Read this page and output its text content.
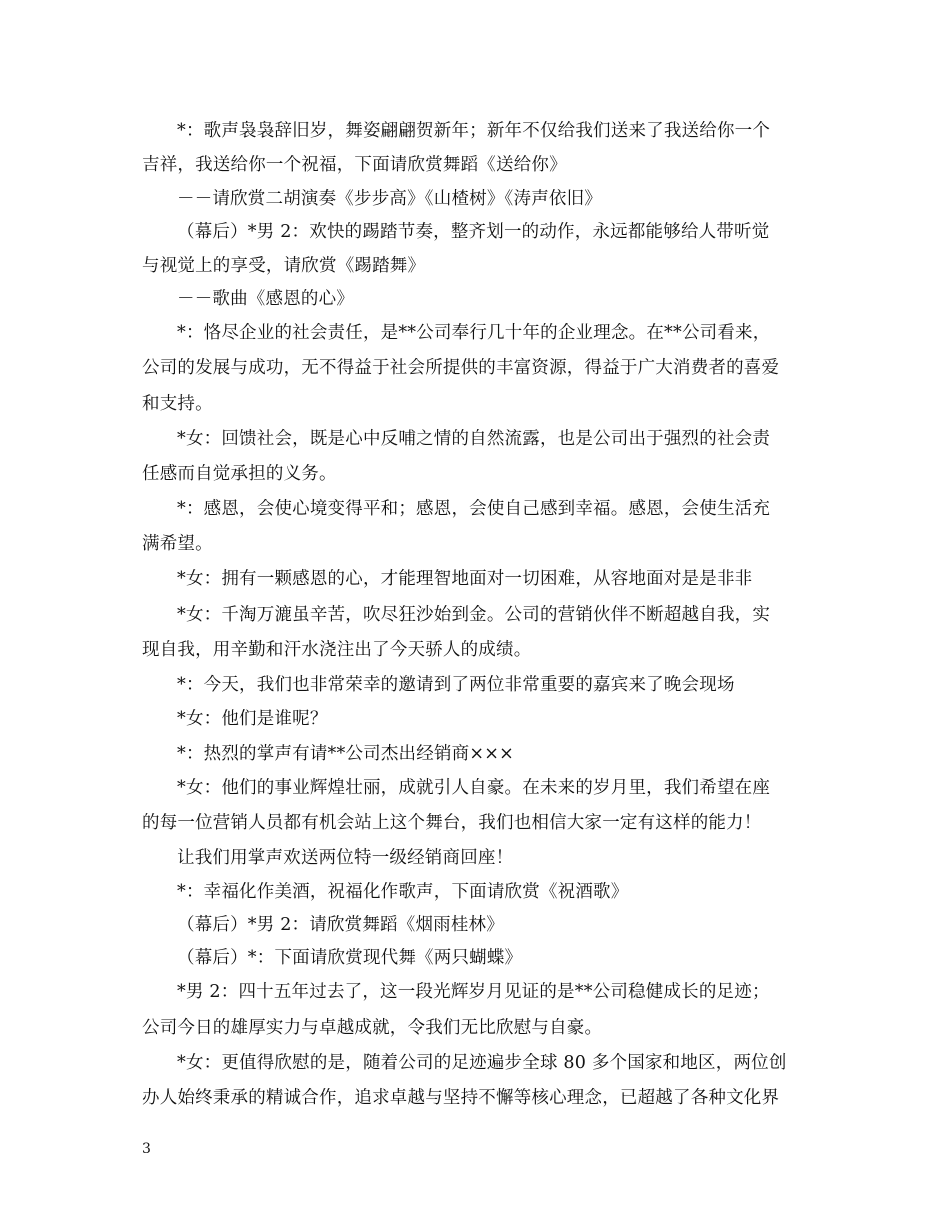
*：歌声袅袅辞旧岁，舞姿翩翩贺新年；新年不仅给我们送来了我送给你一个
吉祥，我送给你一个祝福，下面请欣赏舞蹈《送给你》
－－请欣赏二胡演奏《步步高》《山楂树》《涛声依旧》
（幕后）*男 2：欢快的踢踏节奏，整齐划一的动作，永远都能够给人带听觉
与视觉上的享受，请欣赏《踢踏舞》
－－歌曲《感恩的心》
*：恪尽企业的社会责任，是**公司奉行几十年的企业理念。在**公司看来，
公司的发展与成功，无不得益于社会所提供的丰富资源，得益于广大消费者的喜爱
和支持。
*女：回馈社会，既是心中反哺之情的自然流露，也是公司出于强烈的社会责
任感而自觉承担的义务。
*：感恩，会使心境变得平和；感恩，会使自己感到幸福。感恩，会使生活充
满希望。
*女：拥有一颗感恩的心，才能理智地面对一切困难，从容地面对是是非非
*女：千淘万漉虽辛苦，吹尽狂沙始到金。公司的营销伙伴不断超越自我，实
现自我，用辛勤和汗水浇注出了今天骄人的成绩。
*：今天，我们也非常荣幸的邀请到了两位非常重要的嘉宾来了晚会现场
*女：他们是谁呢？
*：热烈的掌声有请**公司杰出经销商×××
*女：他们的事业辉煌壮丽，成就引人自豪。在未来的岁月里，我们希望在座
的每一位营销人员都有机会站上这个舞台，我们也相信大家一定有这样的能力！
让我们用掌声欢送两位特一级经销商回座！
*：幸福化作美酒，祝福化作歌声，下面请欣赏《祝酒歌》
（幕后）*男 2：请欣赏舞蹈《烟雨桂林》
（幕后）*：下面请欣赏现代舞《两只蝴蝶》
*男 2：四十五年过去了，这一段光辉岁月见证的是**公司稳健成长的足迹；
公司今日的雄厚实力与卓越成就，令我们无比欣慰与自豪。
*女：更值得欣慰的是，随着公司的足迹遍步全球 80 多个国家和地区，两位创
办人始终秉承的精诚合作，追求卓越与坚持不懈等核心理念，已超越了各种文化界
3
